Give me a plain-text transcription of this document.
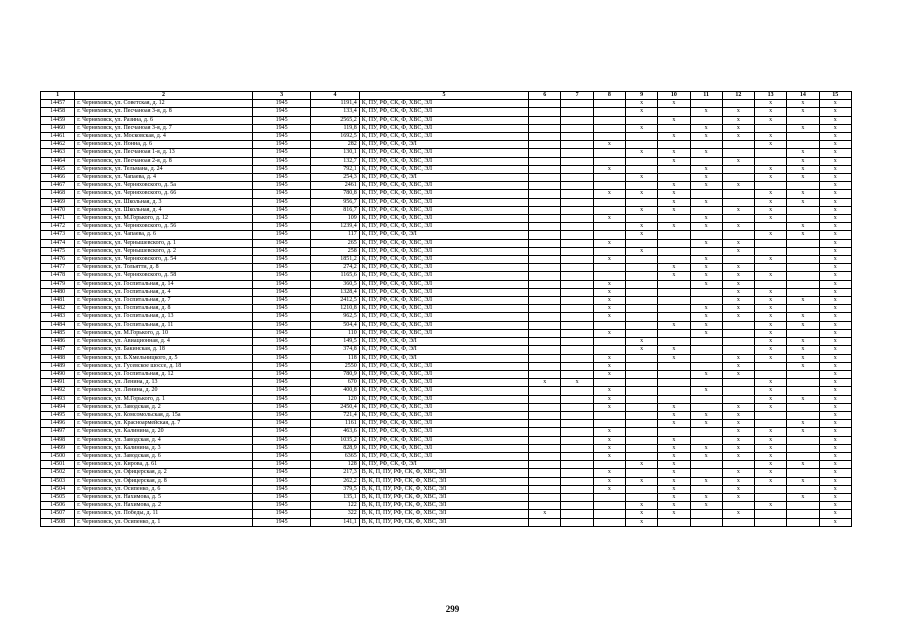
1	2	3	4	5	6	7	8	9	10	11	12	13	14	15
14457	г. Черняховск, ул. Советская, д. 12	1945	1191,4	К, ПУ, РФ, СК, Ф, ХВС, ЭЛ				x	x			x	x	x
14458	г. Черняховск, ул. Пеcчаноая 3-я, д. 8	1945	133,4	К, ПУ, РФ, СК, Ф, ХВС, ЭЛ				x		x	x	x	x	x
14459	г. Черняховск, ул. Разина, д. 6	1945	2565,2	К, ПУ, РФ, СК, Ф, ХВС, ЭЛ					x		x	x		x
14460	г. Черняховск, ул. Песчаноая 3-я, д. 7	1945	119,8	К, ПУ, РФ, СК, Ф, ХВС, ЭЛ				x		x	x		x	x
14461	г. Черняховск, ул. Московская, д. 4	1945	1692,5	К, ПУ, РФ, СК, Ф, ХВС, ЭЛ					x	x	x	x		x
14462	г. Черняховск, ул. Нонна, д. 6	1945	282	К, ПУ, РФ, СК, Ф, ЭЛ			x					x		x
14463	г. Черняховск, ул. Песчаноая 1-я, д. 13	1945	130,1	К, ПУ, РФ, СК, Ф, ХВС, ЭЛ				x	x	x			x	x
14464	г. Черняховск, ул. Песчаноая 2-я, д. 8	1945	132,7	К, ПУ, РФ, СК, Ф, ХВС, ЭЛ					x		x		x	x
14465	г. Черняховск, ул. Тельмана, д. 24	1945	792,1	К, ПУ, РФ, СК, Ф, ХВС, ЭЛ			x			x		x	x	x
14466	г. Черняховск, ул. Чапаева, д. 4	1945	254,3	К, ПУ, РФ, СК, Ф, ЭЛ				x		x		x	x	x
14467	г. Черняховск, ул. Черняховского, д. 5а	1945	2461	К, ПУ, РФ, СК, Ф, ХВС, ЭЛ					x	x	x			x
14468	г. Черняховск, ул. Черняховского, д. 66	1945	780,8	К, ПУ, РФ, СК, Ф, ХВС, ЭЛ			x	x	x			x	x	x
14469	г. Черняховск, ул. Школьная, д. 3	1945	956,7	К, ПУ, РФ, СК, Ф, ХВС, ЭЛ					x	x		x	x	x
14470	г. Черняховск, ул. Школьная, д. 4	1945	816,7	К, ПУ, РФ, СК, Ф, ХВС, ЭЛ				x	x		x	x		x
14471	г. Черняховск, ул. М.Горького, д. 12	1945	109	К, ПУ, РФ, СК, Ф, ХВС, ЭЛ			x			x		x		x
14472	г. Черняховск, ул. Черняховского, д. 56	1945	1239,4	К, ПУ, РФ, СК, Ф, ХВС, ЭЛ				x	x	x	x		x	x
14473	г. Черняховск, ул. Чапаева, д. 6	1945	117	К, ПУ, РФ, СК, Ф, ЭЛ				x				x	x	x
14474	г. Черняховск, ул. Чернышевского, д. 1	1945	265	К, ПУ, РФ, СК, Ф, ХВС, ЭЛ			x			x	x			x
14475	г. Черняховск, ул. Чернышевского, д. 2	1945	258	К, ПУ, РФ, СК, Ф, ХВС, ЭЛ				x			x			x
14476	г. Черняховск, ул. Черняховского, д. 54	1945	1851,2	К, ПУ, РФ, СК, Ф, ХВС, ЭЛ			x			x		x		x
14477	г. Черняховск, ул. Тольятти, д. 8	1945	274,2	К, ПУ, РФ, СК, Ф, ХВС, ЭЛ					x	x	x			x
14478	г. Черняховск, ул. Черняховского, д. 58	1945	1165,6	К, ПУ, РФ, СК, Ф, ХВС, ЭЛ					x	x	x	x		x
14479	г. Черняховск, ул. Госпитальная, д. 14	1945	360,5	К, ПУ, РФ, СК, Ф, ХВС, ЭЛ			x			x	x			x
14480	г. Черняховск, ул. Госпитальная, д. 4	1945	1328,4	К, ПУ, РФ, СК, Ф, ХВС, ЭЛ			x				x	x		x
14481	г. Черняховск, ул. Госпитальная, д. 7	1945	2412,5	К, ПУ, РФ, СК, Ф, ХВС, ЭЛ			x				x	x	x	x
14482	г. Черняховск, ул. Госпитальная, д. 8	1945	1210,8	К, ПУ, РФ, СК, Ф, ХВС, ЭЛ			x			x	x	x		x
14483	г. Черняховск, ул. Госпитальная, д. 13	1945	962,5	К, ПУ, РФ, СК, Ф, ХВС, ЭЛ			x			x	x	x	x	x
14484	г. Черняховск, ул. Госпитальная, д. 11	1945	504,4	К, ПУ, РФ, СК, Ф, ХВС, ЭЛ					x	x		x	x	x
14485	г. Черняховск, ул. М.Горького, д. 10	1945	110	К, ПУ, РФ, СК, Ф, ХВС, ЭЛ			x			x		x		x
14486	г. Черняховск, ул. Авиационная, д. 4	1945	149,5	К, ПУ, РФ, СК, Ф, ЭЛ				x				x	x	x
14487	г. Черняховск, ул. Бакинская, д. 18	1945	374,8	К, ПУ, РФ, СК, Ф, ЭЛ				x	x			x	x	x
14488	г. Черняховск, ул. Б.Хмельницкого, д. 5	1945	118	К, ПУ, РФ, СК, Ф, ЭЛ			x		x		x	x	x	x
14489	г. Черняховск, ул. Гусевское шоссе, д. 18	1945	2550	К, ПУ, РФ, СК, Ф, ХВС, ЭЛ			x				x		x	x
14490	г. Черняховск, ул. Госпитальная, д. 12	1945	780,9	К, ПУ, РФ, СК, Ф, ХВС, ЭЛ			x			x	x			x
14491	г. Черняховск, ул. Ленина, д. 13	1945	670	К, ПУ, РФ, СК, Ф, ХВС, ЭЛ	x	x						x		x
14492	г. Черняховск, ул. Ленина, д. 20	1945	400,8	К, ПУ, РФ, СК, Ф, ХВС, ЭЛ			x			x		x		x
14493	г. Черняховск, ул. М.Горького, д. 1	1945	120	К, ПУ, РФ, СК, Ф, ХВС, ЭЛ			x					x	x	x
14494	г. Черняховск, ул. Заводская, д. 2	1945	2450,4	К, ПУ, РФ, СК, Ф, ХВС, ЭЛ			x		x		x	x		x
14495	г. Черняховск, ул. Комсомольская, д. 15а	1945	721,4	К, ПУ, РФ, СК, Ф, ХВС, ЭЛ					x	x	x			x
14496	г. Черняховск, ул. Красноармейская, д. 7	1945	1161	К, ПУ, РФ, СК, Ф, ХВС, ЭЛ					x	x	x		x	x
14497	г. Черняховск, ул. Калинина, д. 20	1945	463,6	К, ПУ, РФ, СК, Ф, ХВС, ЭЛ			x				x	x	x	x
14498	г. Черняховск, ул. Заводская, д. 4	1945	1035,2	К, ПУ, РФ, СК, Ф, ХВС, ЭЛ			x		x		x	x		x
14499	г. Черняховск, ул. Калинина, д. 3	1945	828,9	К, ПУ, РФ, СК, Ф, ХВС, ЭЛ			x		x	x	x	x		x
14500	г. Черняховск, ул. Заводская, д. 6	1945	6365	К, ПУ, РФ, СК, Ф, ХВС, ЭЛ			x		x	x	x	x		x
14501	г. Черняховск, ул. Кирова, д. 61	1945	128	К, ПУ, РФ, СК, Ф, ЭЛ				x	x			x	x	x
14502	г. Черняховск, ул. Офицерская, д. 2	1945	217,3	В, К, П, ПУ, РФ, СК, Ф, ХВС, ЭЛ			x		x		x	x		x
14503	г. Черняховск, ул. Офицерская, д. 8	1945	262,2	В, К, П, ПУ, РФ, СК, Ф, ХВС, ЭЛ			x	x	x	x	x	x	x	x
14504	г. Черняховск, ул. Осипенко, д. 6	1945	379,5	В, К, П, ПУ, РФ, СК, Ф, ХВС, ЭЛ			x		x		x			x
14505	г. Черняховск, ул. Нахимова, д. 5	1945	135,1	В, К, П, ПУ, РФ, СК, Ф, ХВС, ЭЛ					x	x	x		x	x
14506	г. Черняховск, ул. Нахимова, д. 2	1945	122	В, К, П, ПУ, РФ, СК, Ф, ХВС, ЭЛ				x	x	x		x		x
14507	г. Черняховск, ул. Победы, д. 11	1945	322	В, К, П, ПУ, РФ, СК, Ф, ХВС, ЭЛ	x			x	x		x			x
14508	г. Черняховск, ул. Осипенко, д. 1	1945	141,1	В, К, П, ПУ, РФ, СК, Ф, ХВС, ЭЛ				x						x
299
